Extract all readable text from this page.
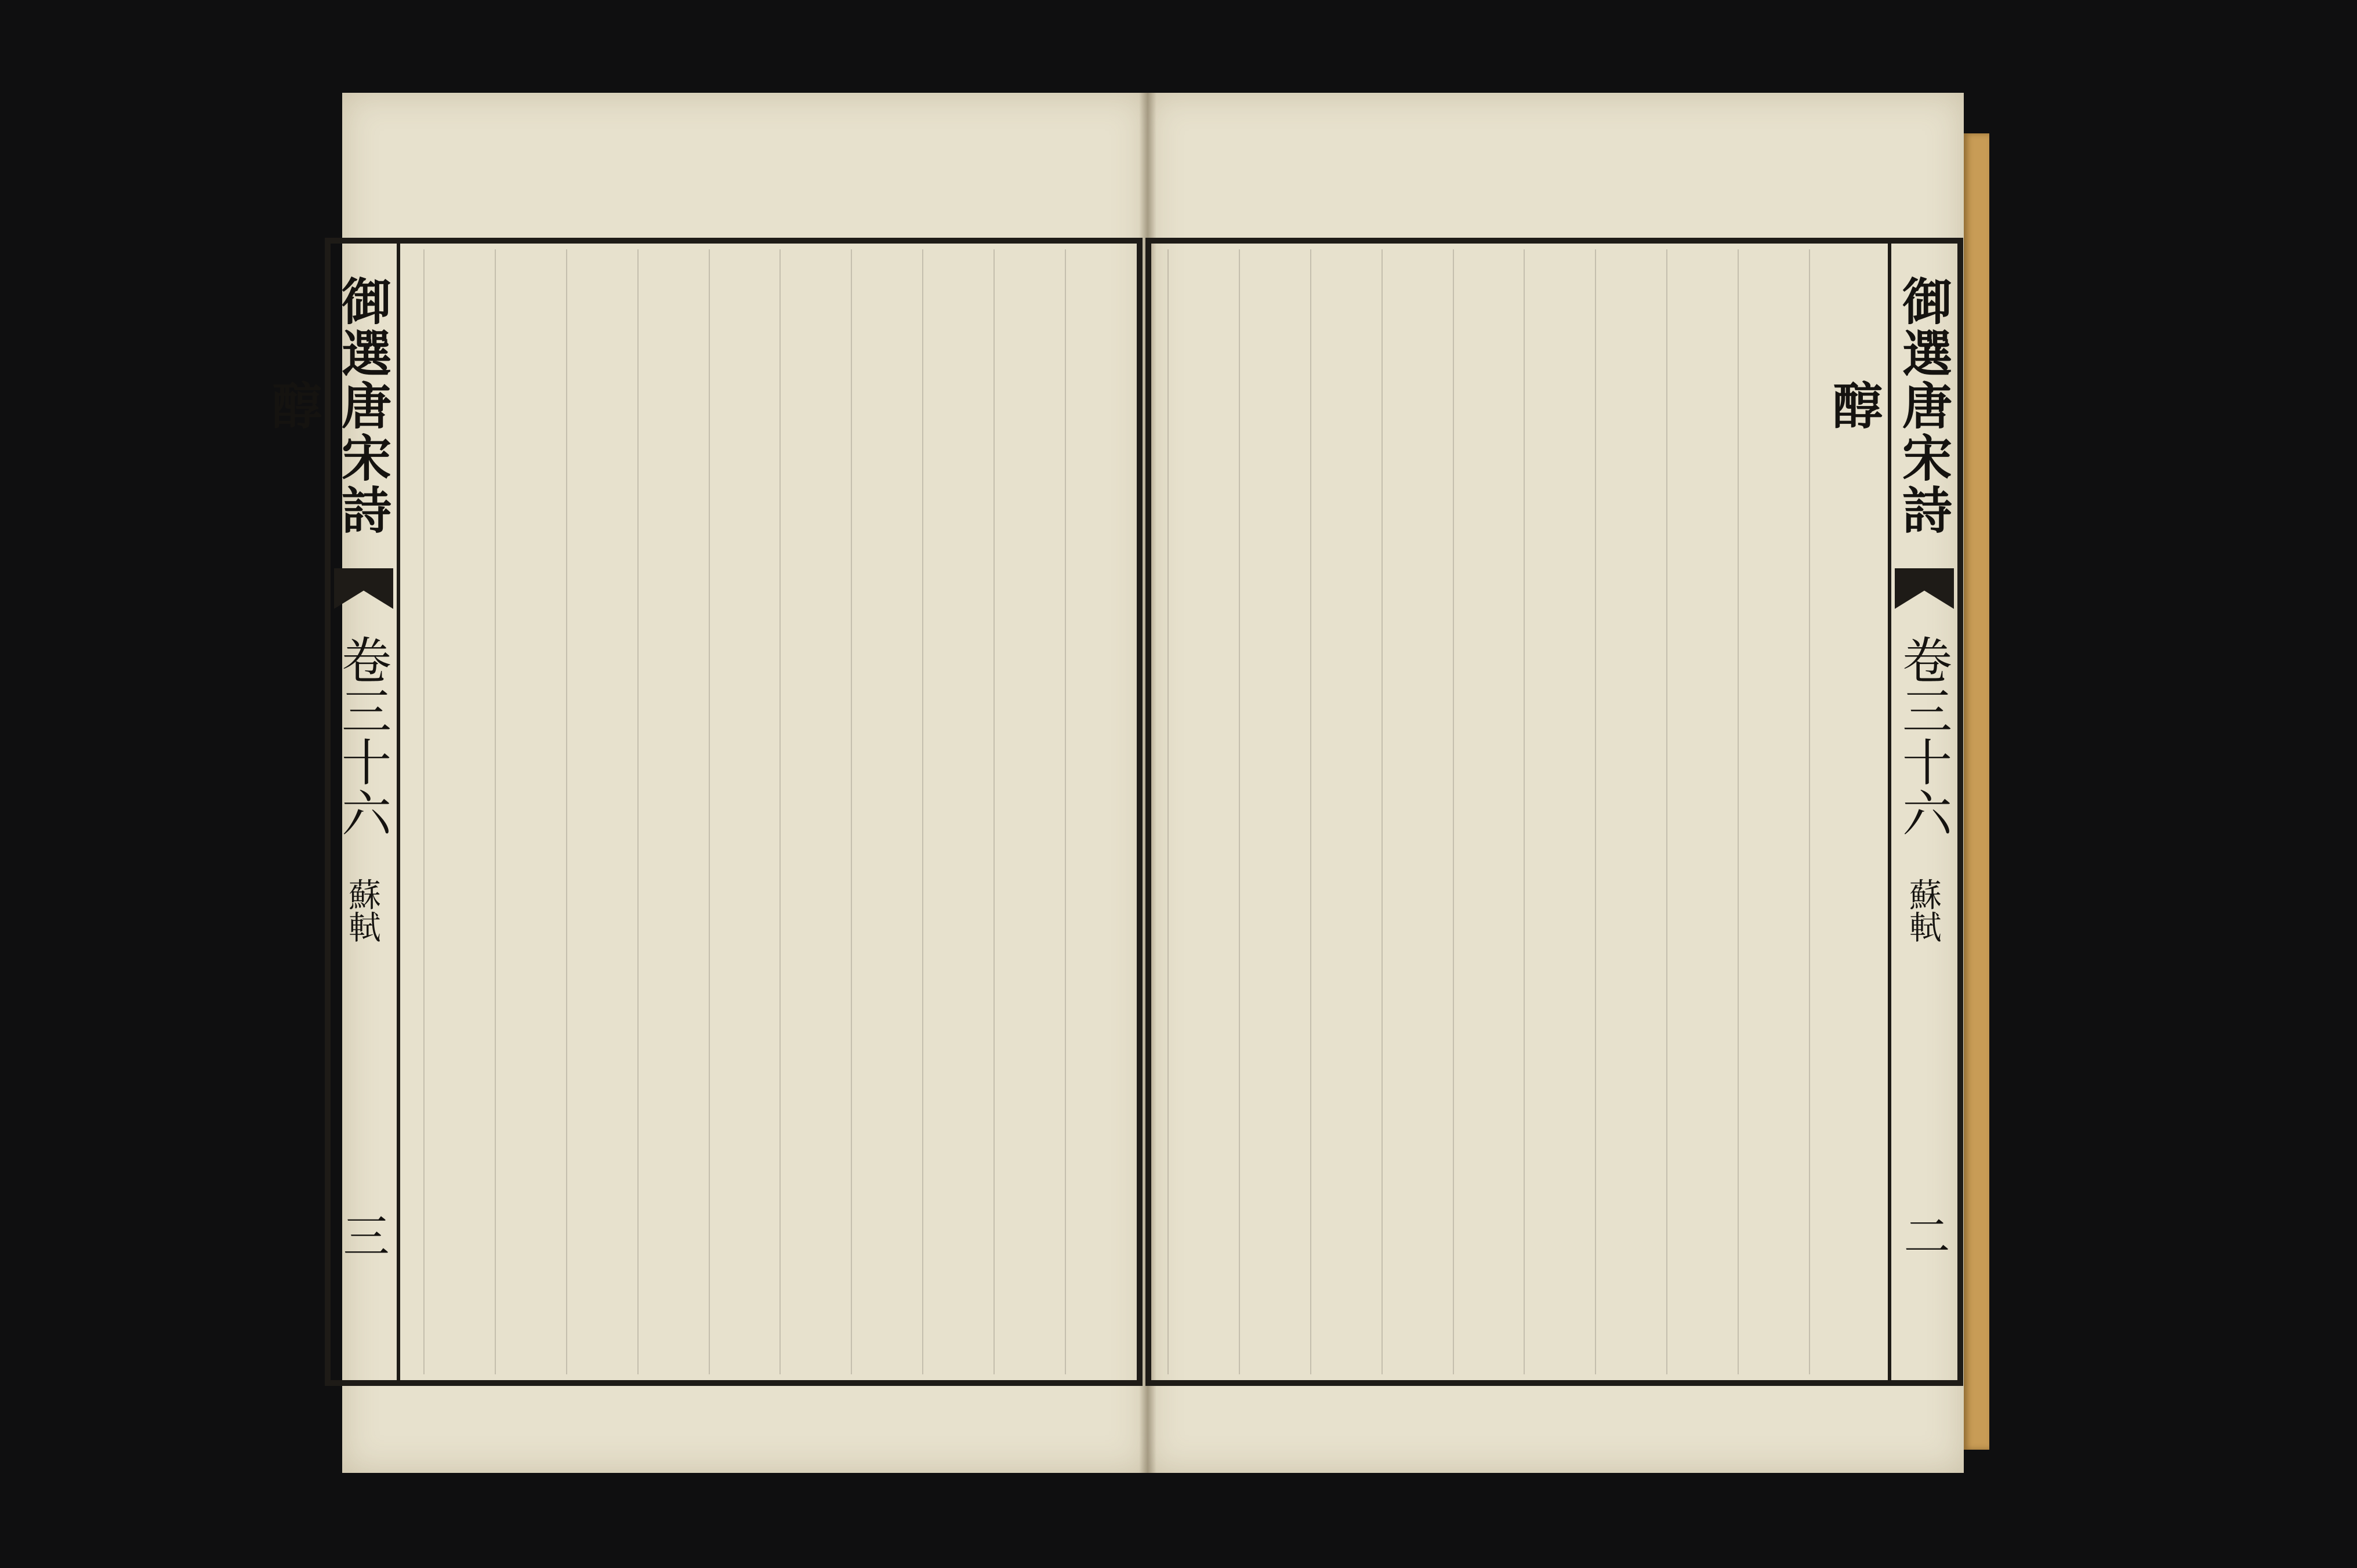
御選唐宋詩醇
卷三十六
蘇軾
三
御選唐宋詩醇
卷三十六
蘇軾
二
